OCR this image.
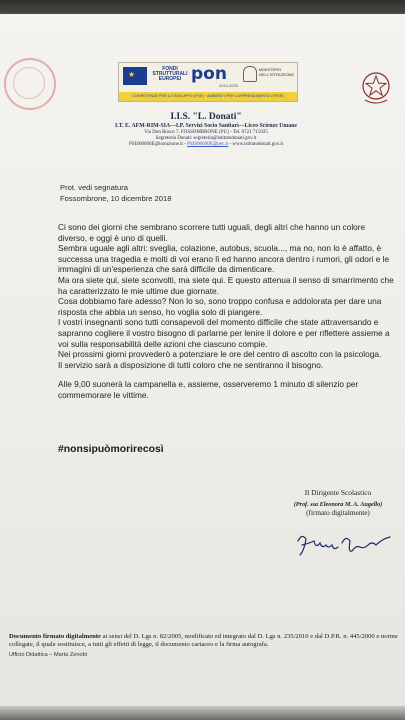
★
FONDI STRUTTURALI EUROPEI pon
2014-2020
MINISTERO DELL'ISTRUZIONE
COMPETENZE PER LO SVILUPPO (FSE) · AMBIENTI PER L'APPRENDIMENTO (FESR)
I.I.S. "L. Donati"
I.T. E. AFM-RIM-SIA—I.P. Servizi Socio Sanitari—Liceo Scienze Umane
Via Don Bosco 7, FOSSOMBRONE (PU) - Tel. 0721 715025
Segreteria Donati: segreteria@istitutodonati.gov.it
PSIS00600E@istruzione.it - PSIS00600E@pec.it - www.istitutodonati.gov.it
Prot. vedi segnatura
Fossombrone, 10 dicembre 2018

Ci sono dei giorni che sembrano scorrere tutti uguali, degli altri che hanno un colore diverso, e oggi è uno di quelli.

Sembra uguale agli altri: sveglia, colazione, autobus, scuola..., ma no, non lo è affatto, è successa una tragedia e molti di voi erano lì ed hanno ancora dentro i rumori, gli odori e le immagini di un'esperienza che sarà difficile da dimenticare.

Ma ora siete qui, siete sconvolti, ma siete qui. E questo attenua il senso di smarrimento che ha caratterizzato le mie ultime due giornate.

Cosa dobbiamo fare adesso? Non lo so, sono troppo confusa e addolorata per dare una risposta che abbia un senso, ho voglia solo di piangere.

I vostri insegnanti sono tutti consapevoli del momento difficile che state attraversando e sapranno cogliere il vostro bisogno di parlarne per lenire il dolore e per riflettere assieme a voi sulla responsabilità delle azioni che ciascuno compie.

Nei prossimi giorni provvederò a potenziare le ore del centro di ascolto con la psicologa.

Il servizio sarà a disposizione di tutti coloro che ne sentiranno il bisogno.

Alle 9,00 suonerà la campanella e, assieme, osserveremo 1 minuto di silenzio per commemorare le vittime.

#nonsipuòmorirecosì
Il Dirigente Scolastico
(Prof. ssa Eleonora M. A. Augello)
(firmato digitalmente)

Documento firmato digitalmente ai sensi del D. Lgs n. 82/2005, modificato ed integrato dal D. Lgs n. 235/2010 e dal D.P.R. n. 445/2000 e norme collegate, il quale sostituisce, a tutti gli effetti di legge, il documento cartaceo e la firma autografa.

Ufficio Didattica – Marta Zenobi
